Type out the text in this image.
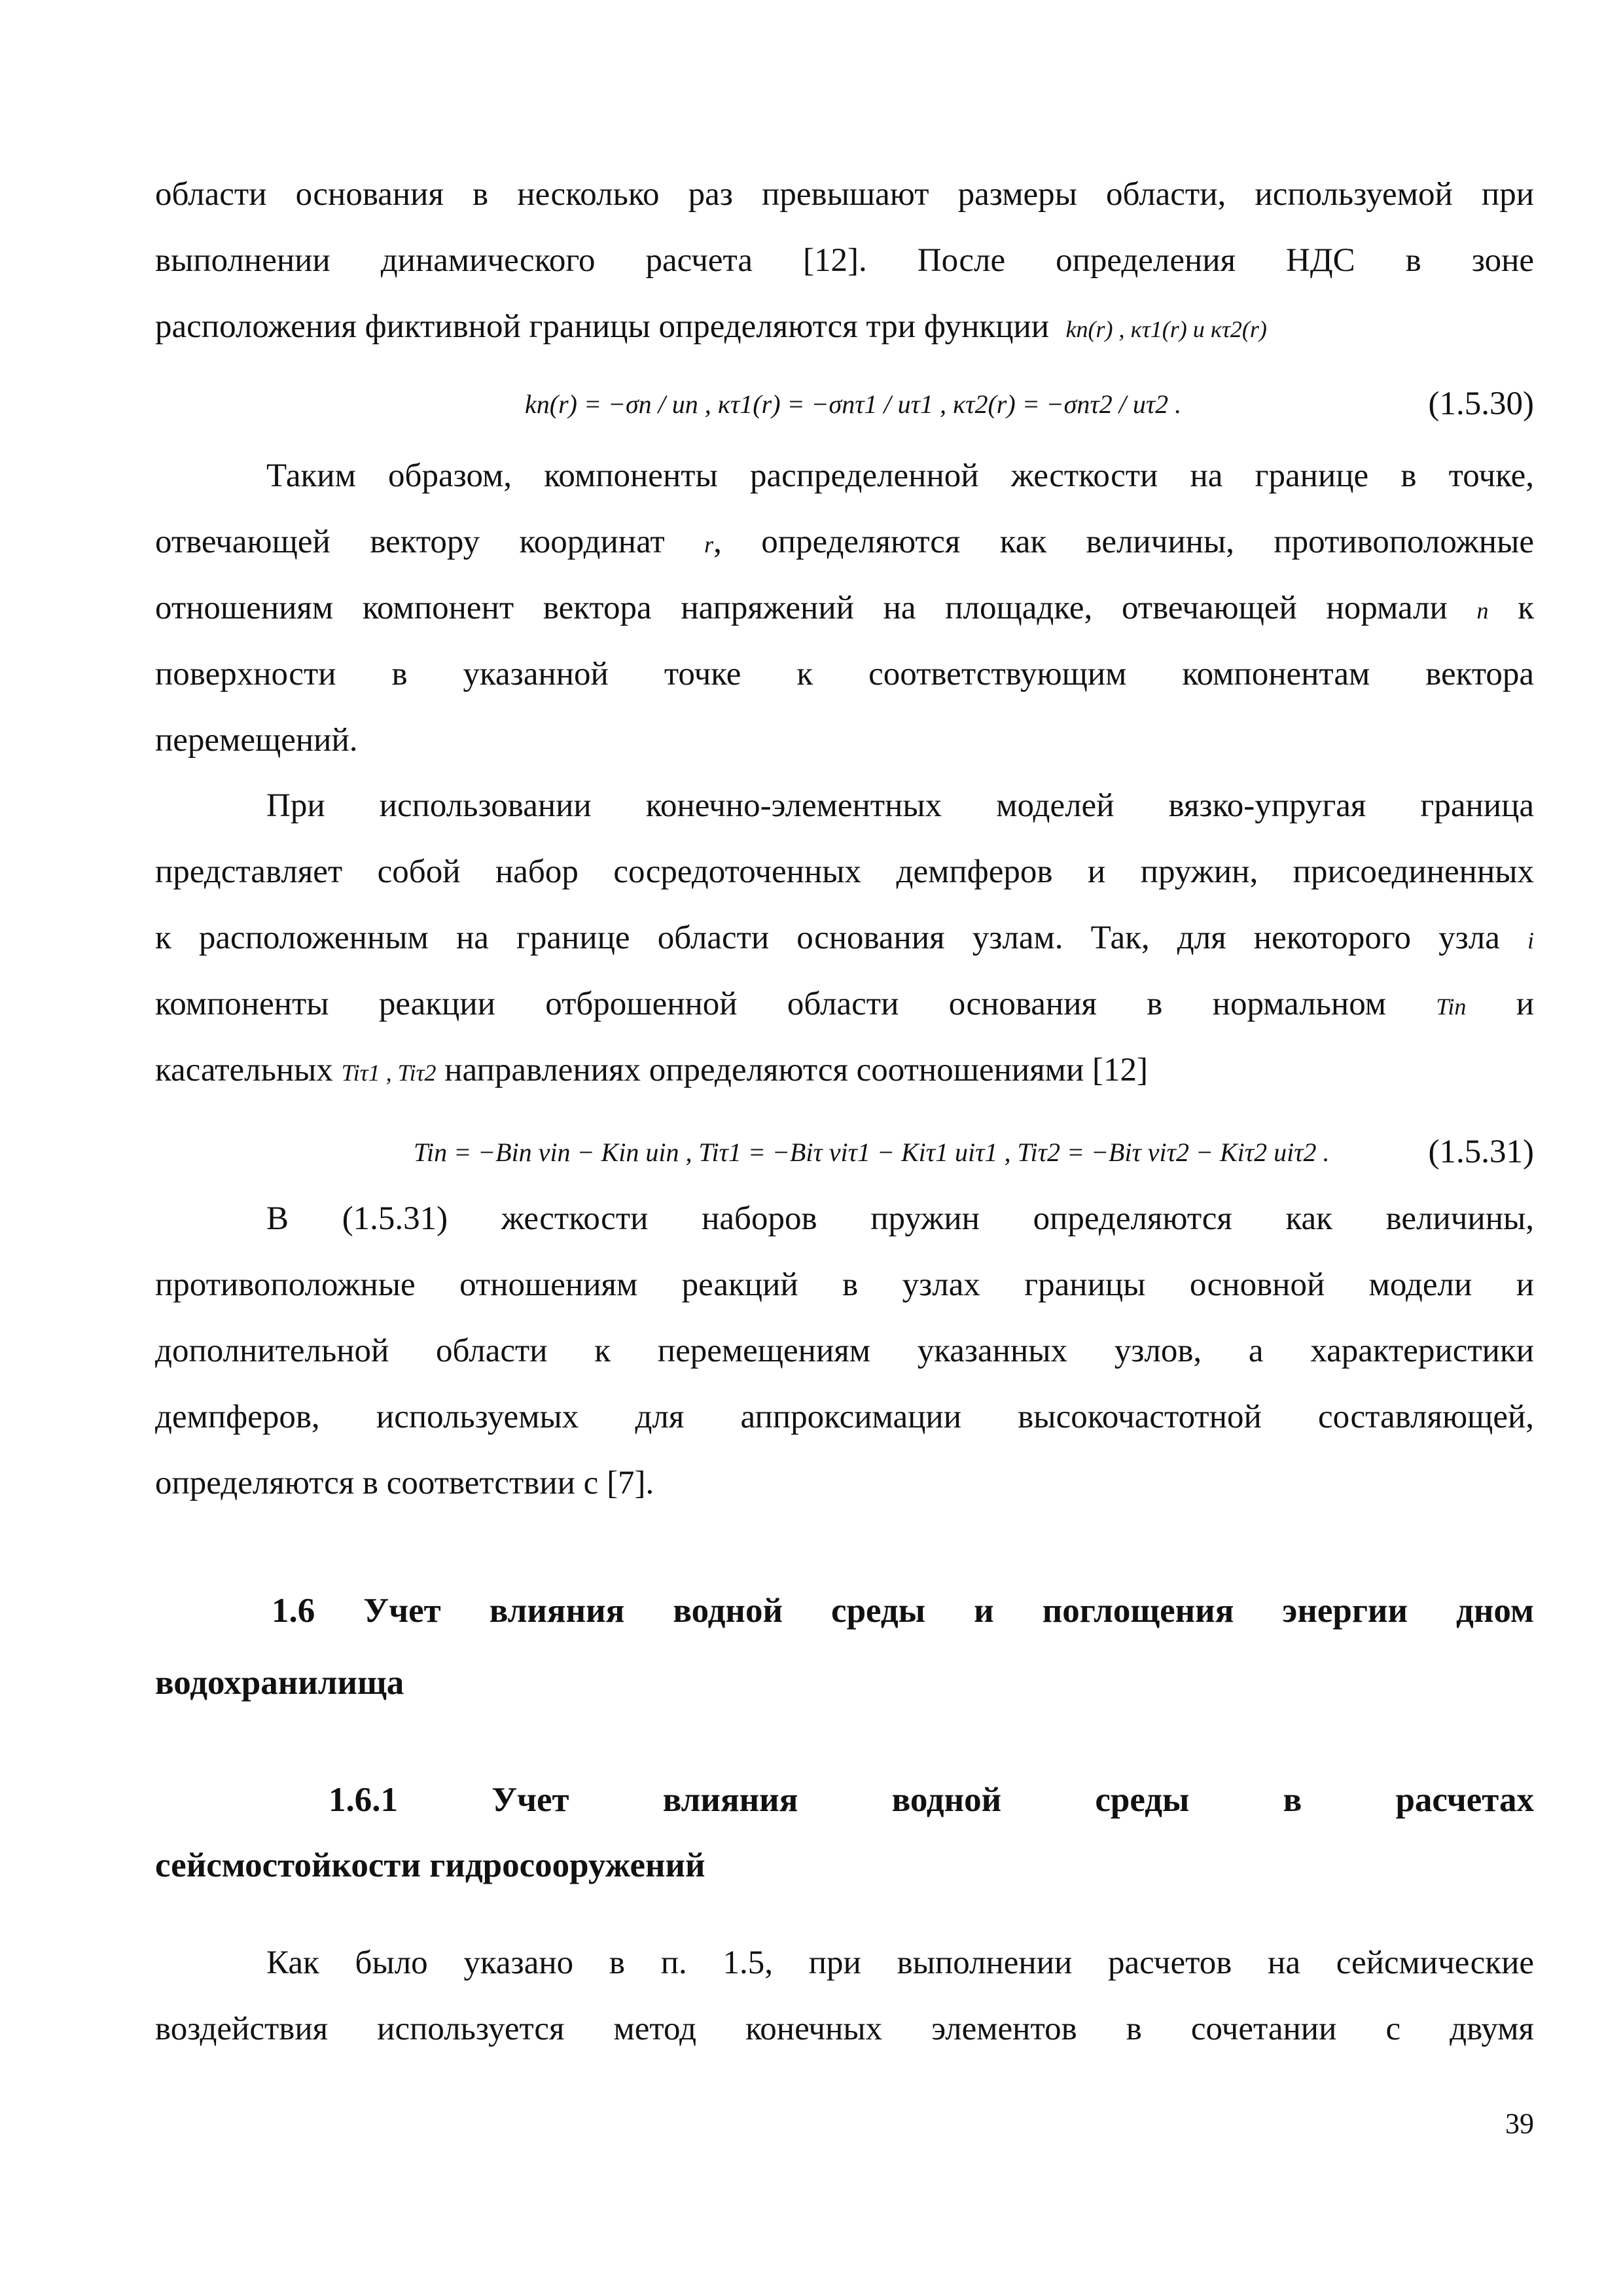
области основания в несколько раз превышают размеры области, используемой при
выполнении динамического расчета [12]. После определения НДС в зоне
расположения фиктивной границы определяются три функции kn(r) , κτ1(r) и κτ2(r)
kn(r) = −σn / un , κτ1(r) = −σnτ1 / uτ1 , κτ2(r) = −σnτ2 / uτ2 .	(1.5.30)
Таким образом, компоненты распределенной жесткости на границе в точке,
отвечающей вектору координат r, определяются как величины, противоположные
отношениям компонент вектора напряжений на площадке, отвечающей нормали n к
поверхности в указанной точке к соответствующим компонентам вектора
перемещений.
При использовании конечно-элементных моделей вязко-упругая граница
представляет собой набор сосредоточенных демпферов и пружин, присоединенных
к расположенным на границе области основания узлам. Так, для некоторого узла i
компоненты реакции отброшенной области основания в нормальном Tin и
касательных Tiτ1 , Tiτ2 направлениях определяются соотношениями [12]
Tin = −Bin vin − Kin uin , Tiτ1 = −Biτ viτ1 − Kiτ1 uiτ1 , Tiτ2 = −Biτ viτ2 − Kiτ2 uiτ2 .	(1.5.31)
В (1.5.31) жесткости наборов пружин определяются как величины,
противоположные отношениям реакций в узлах границы основной модели и
дополнительной области к перемещениям указанных узлов, а характеристики
демпферов, используемых для аппроксимации высокочастотной составляющей,
определяются в соответствии с [7].
1.6 Учет влияния водной среды и поглощения энергии дном
водохранилища
1.6.1 Учет влияния водной среды в расчетах
сейсмостойкости гидросооружений
Как было указано в п. 1.5, при выполнении расчетов на сейсмические
воздействия используется метод конечных элементов в сочетании с двумя
39
